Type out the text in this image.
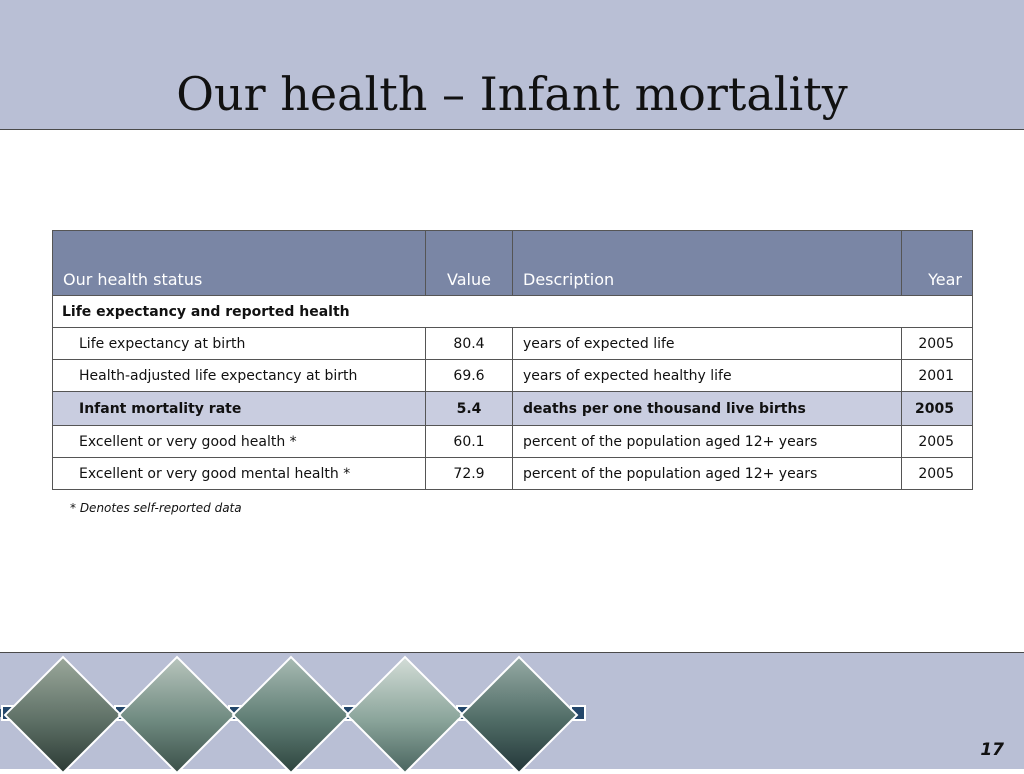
Our health – Infant mortality
Our health status	Value	Description	Year
Life expectancy and reported health			
Life expectancy at birth	80.4	years of expected life	2005
Health-adjusted life expectancy at birth	69.6	years of expected healthy life	2001
Infant mortality rate	5.4	deaths per one thousand live births	2005
Excellent or very good health *	60.1	percent of the population aged 12+ years	2005
Excellent or very good mental health *	72.9	percent of the population aged 12+ years	2005
* Denotes self-reported data
17
